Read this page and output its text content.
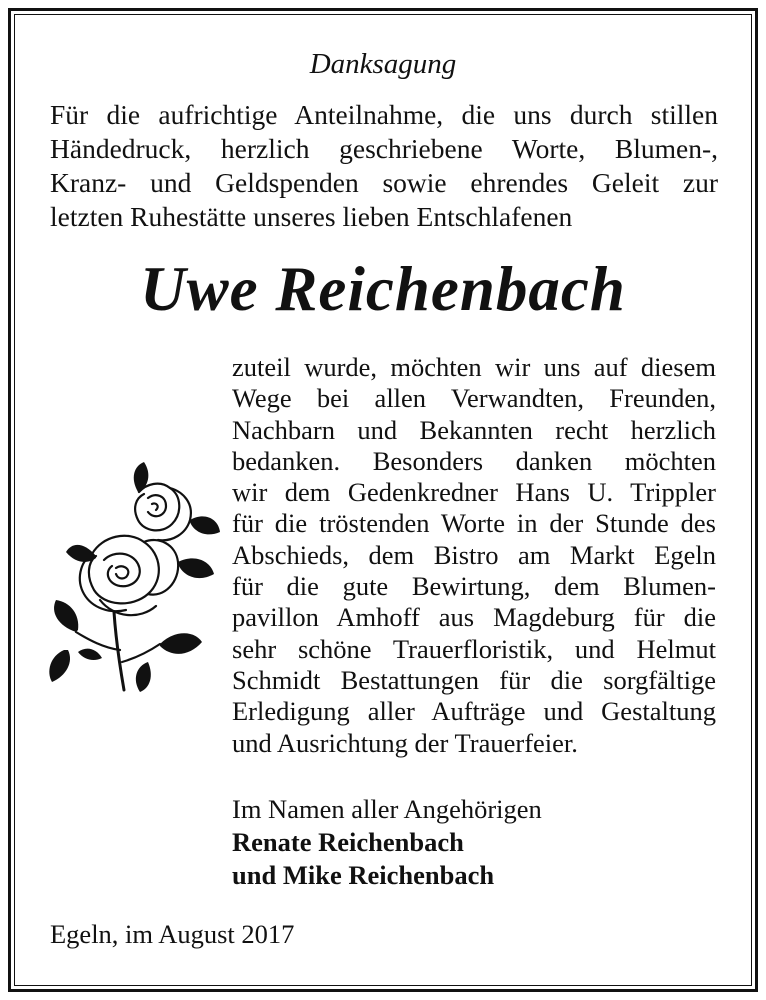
Danksagung
Für die aufrichtige Anteilnahme, die uns durch stillen
Händedruck, herzlich geschriebene Worte, Blumen-,
Kranz- und Geldspenden sowie ehrendes Geleit zur
letzten Ruhestätte unseres lieben Entschlafenen
Uwe Reichenbach
zuteil wurde, möchten wir uns auf diesem
Wege bei allen Verwandten, Freunden,
Nachbarn und Bekannten recht herzlich
bedanken. Besonders danken möchten
wir dem Gedenkredner Hans U. Trippler
für die tröstenden Worte in der Stunde des
Abschieds, dem Bistro am Markt Egeln
für die gute Bewirtung, dem Blumen-
pavillon Amhoff aus Magdeburg für die
sehr schöne Trauerfloristik, und Helmut
Schmidt Bestattungen für die sorgfältige
Erledigung aller Aufträge und Gestaltung
und Ausrichtung der Trauerfeier.
Im Namen aller Angehörigen
Renate Reichenbach
und Mike Reichenbach
Egeln, im August 2017
